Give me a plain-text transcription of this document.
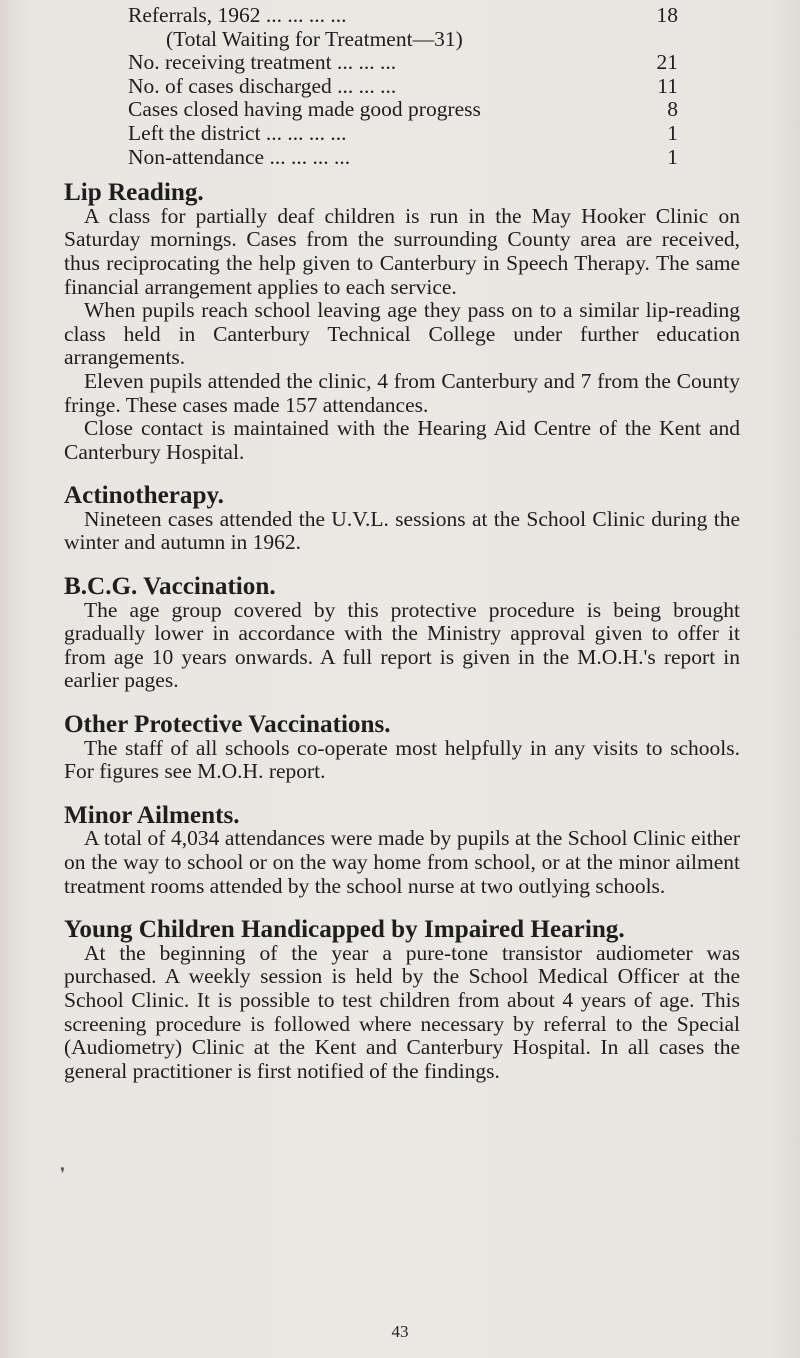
Referrals, 1962 ... ... ... ...	18
(Total Waiting for Treatment—31)
No. receiving treatment ... ... ...	21
No. of cases discharged ... ... ...	11
Cases closed having made good progress	8
Left the district ... ... ... ...	1
Non-attendance ... ... ... ...	1
Lip Reading.

A class for partially deaf children is run in the May Hooker Clinic on Saturday mornings. Cases from the surrounding County area are received, thus reciprocating the help given to Canterbury in Speech Therapy. The same financial arrangement applies to each service.

When pupils reach school leaving age they pass on to a similar lip-reading class held in Canterbury Technical College under further education arrangements.

Eleven pupils attended the clinic, 4 from Canterbury and 7 from the County fringe. These cases made 157 attendances.

Close contact is maintained with the Hearing Aid Centre of the Kent and Canterbury Hospital.

Actinotherapy.

Nineteen cases attended the U.V.L. sessions at the School Clinic during the winter and autumn in 1962.

B.C.G. Vaccination.

The age group covered by this protective procedure is being brought gradually lower in accordance with the Ministry approval given to offer it from age 10 years onwards. A full report is given in the M.O.H.'s report in earlier pages.

Other Protective Vaccinations.

The staff of all schools co-operate most helpfully in any visits to schools. For figures see M.O.H. report.

Minor Ailments.

A total of 4,034 attendances were made by pupils at the School Clinic either on the way to school or on the way home from school, or at the minor ailment treatment rooms attended by the school nurse at two outlying schools.

Young Children Handicapped by Impaired Hearing.

At the beginning of the year a pure-tone transistor audiometer was purchased. A weekly session is held by the School Medical Officer at the School Clinic. It is possible to test children from about 4 years of age. This screening procedure is followed where necessary by referral to the Special (Audiometry) Clinic at the Kent and Canterbury Hospital. In all cases the general practitioner is first notified of the findings.

❜
43
